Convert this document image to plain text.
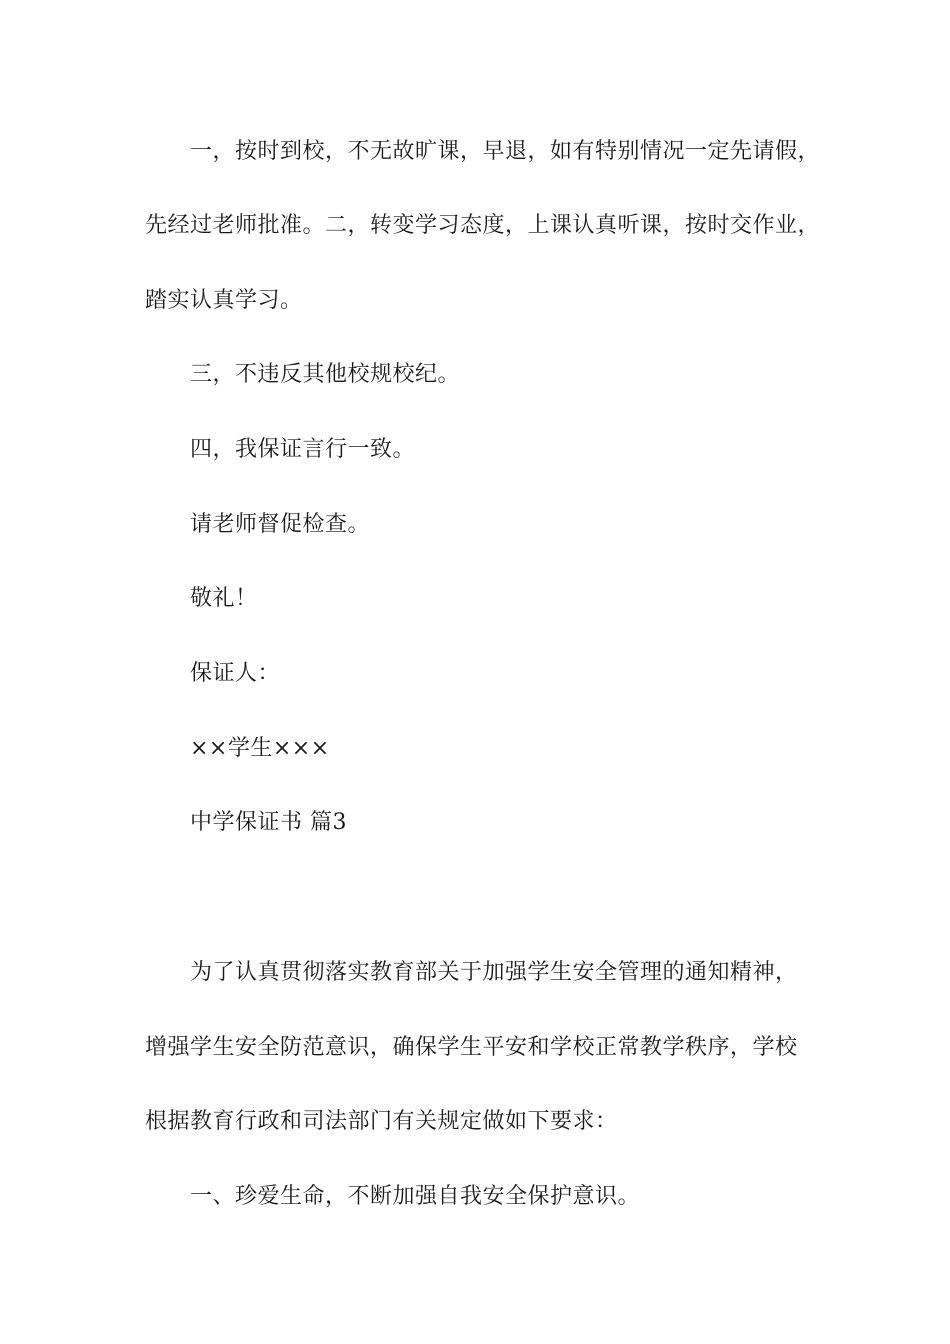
一，按时到校，不无故旷课，早退，如有特别情况一定先请假，
先经过老师批准。二，转变学习态度，上课认真听课，按时交作业，
踏实认真学习。
三，不违反其他校规校纪。
四，我保证言行一致。
请老师督促检查。
敬礼！
保证人：
××学生×××
中学保证书 篇3
为了认真贯彻落实教育部关于加强学生安全管理的通知精神，
增强学生安全防范意识，确保学生平安和学校正常教学秩序，学校
根据教育行政和司法部门有关规定做如下要求：
一、珍爱生命，不断加强自我安全保护意识。
